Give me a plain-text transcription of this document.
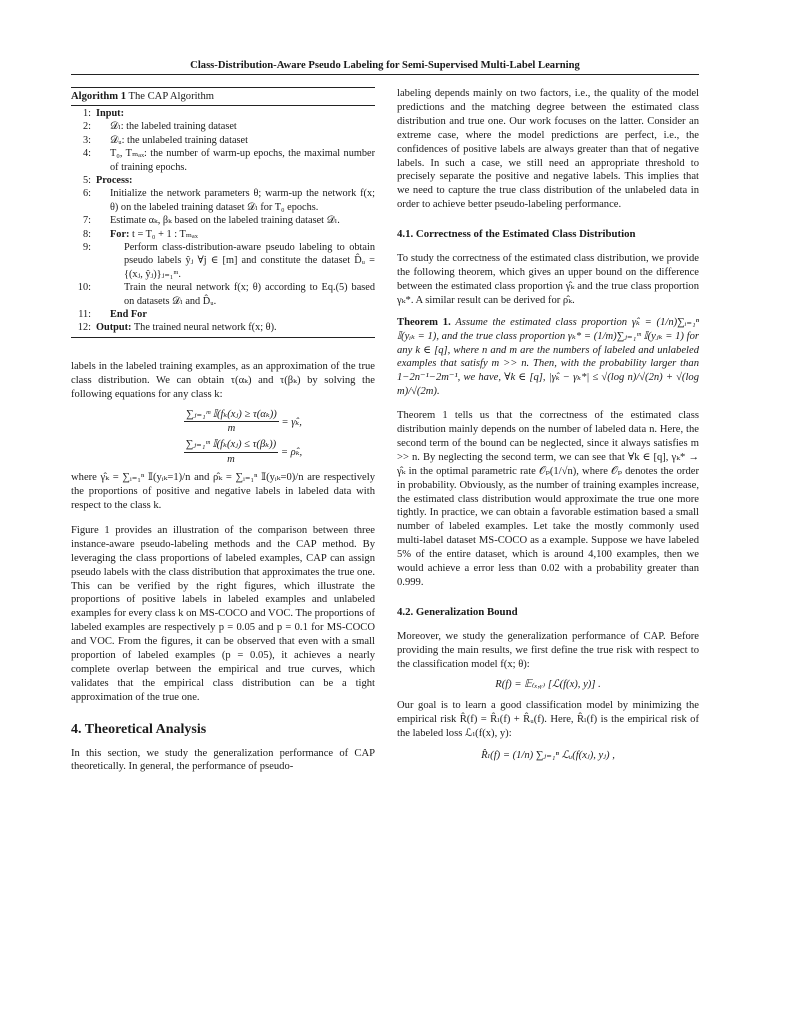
Class-Distribution-Aware Pseudo Labeling for Semi-Supervised Multi-Label Learning
Algorithm 1 The CAP Algorithm
1: Input:
2:	𝒟ₗ: the labeled training dataset
3:	𝒟ᵤ: the unlabeled training dataset
4:	T₀, Tₘₐₓ: the number of warm-up epochs, the maximal number of training epochs.
5: Process:
6:	Initialize the network parameters θ; warm-up the network f(x; θ) on the labeled training dataset 𝒟ₗ for T₀ epochs.
7:	Estimate αₖ, βₖ based on the labeled training dataset 𝒟ₗ.
8:	For: t = T₀ + 1 : Tₘₐₓ
9:	Perform class-distribution-aware pseudo labeling to obtain pseudo labels ŷⱼ ∀j ∈ [m] and constitute the dataset D̂ᵤ = {(xⱼ, ŷⱼ)}ⱼ₌₁ᵐ.
10:	Train the neural network f(x; θ) according to Eq.(5) based on datasets 𝒟ₗ and D̂ᵤ.
11:	End For
12: Output: The trained neural network f(x; θ).

labels in the labeled training examples, as an approximation of the true class distribution. We can obtain τ(αₖ) and τ(βₖ) by solving the following equations for any class k:

$\frac{\text{∑ⱼ₌₁ᵐ 𝕀(fₖ(xⱼ) ≥ τ(αₖ))}}{m}$ = γ̂ₖ,
$\frac{\text{∑ⱼ₌₁ᵐ 𝕀(fₖ(xⱼ) ≤ τ(βₖ))}}{m}$ = ρ̂ₖ,

where γ̂ₖ = ∑ᵢ₌₁ⁿ 𝕀(yᵢₖ=1)/n and ρ̂ₖ = ∑ᵢ₌₁ⁿ 𝕀(yᵢₖ=0)/n are respectively the proportions of positive and negative labels in labeled data with respect to the class k.

Figure 1 provides an illustration of the comparison between three instance-aware pseudo-labeling methods and the CAP method. By leveraging the class proportions of labeled examples, CAP can assign pseudo labels with the class distribution that approximates the true one. This can be verified by the right figures, which illustrate the proportions of positive labels in labeled examples and unlabeled examples for every class k on MS-COCO and VOC. The proportions of labeled examples are respectively p = 0.05 and p = 0.1 for MS-COCO and VOC. From the figures, it can be observed that even with a small proportion of labeled examples (p = 0.05), it achieves a nearly complete overlap between the empirical and true curves, which validates that the empirical class distribution can be a tight approximation of the true one.

4. Theoretical Analysis

In this section, we study the generalization performance of CAP theoretically. In general, the performance of pseudo-

labeling depends mainly on two factors, i.e., the quality of the model predictions and the matching degree between the estimated class distribution and true one. Our work focuses on the latter. Consider an extreme case, where the model predictions are perfect, i.e., the confidences of positive labels are always greater than that of negative labels. In such a case, we still need an appropriate threshold to precisely separate the positive and negative labels. This implies that we need to capture the true class distribution of the unlabeled data in order to achieve better pseudo-labeling performance.

4.1. Correctness of the Estimated Class Distribution

To study the correctness of the estimated class distribution, we provide the following theorem, which gives an upper bound on the difference between the estimated class proportion γ̂ₖ and the true class proportion γₖ*. A similar result can be derived for ρ̂ₖ.

Theorem 1. Assume the estimated class proportion γ̂ₖ = (1/n)∑ᵢ₌₁ⁿ 𝕀(yᵢₖ = 1), and the true class proportion γₖ* = (1/m)∑ⱼ₌₁ᵐ 𝕀(yⱼₖ = 1) for any k ∈ [q], where n and m are the numbers of labeled and unlabeled examples that satisfy m >> n. Then, with the probability larger than 1−2n⁻¹−2m⁻¹, we have, ∀k ∈ [q], |γ̂ₖ − γₖ*| ≤ √(log n)/√(2n) + √(log m)/√(2m).

Theorem 1 tells us that the correctness of the estimated class distribution mainly depends on the number of labeled data n. Here, the second term of the bound can be neglected, since it always satisfies m >> n. By neglecting the second term, we can see that ∀k ∈ [q], γₖ* → γ̂ₖ in the optimal parametric rate 𝒪ₚ(1/√n), where 𝒪ₚ denotes the order in probability. Obviously, as the number of training examples increase, the estimated class distribution would approximate the true one more tightly. In practice, we can obtain a favorable estimation based a small number of labeled examples. Let take the mostly commonly used multi-label dataset MS-COCO as a example. Suppose we have labeled 5% of the entire dataset, which is around 4,100 examples, then we would achieve a error less than 0.02 with a probability greater than 0.999.

4.2. Generalization Bound

Moreover, we study the generalization performance of CAP. Before providing the main results, we first define the true risk with respect to the classification model f(x; θ):

R(f) = 𝔼₍ₓ,ᵧ₎ [ℒ(f(x), y)] .

Our goal is to learn a good classification model by minimizing the empirical risk R̂(f) = R̂ₗ(f) + R̂ᵤ(f). Here, R̂ₗ(f) is the empirical risk of the labeled loss ℒₗ(f(x), y):

R̂ₗ(f) = (1/n) ∑ⱼ₌₁ⁿ ℒᵤ(f(xⱼ), yⱼ) ,
